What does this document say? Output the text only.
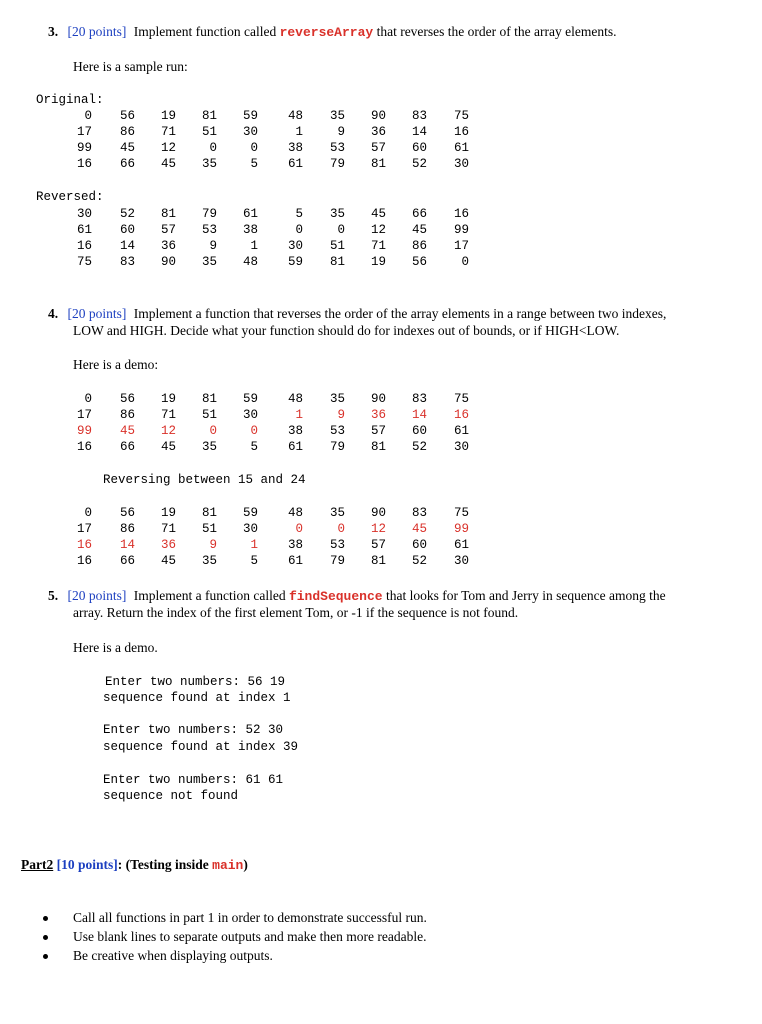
3. [20 points] Implement function called reverseArray that reverses the order of the array elements.
Here is a sample run:
Original:
0	56	19	81	59	48	35	90	83	75
17	86	71	51	30	1	9	36	14	16
99	45	12	0	0	38	53	57	60	61
16	66	45	35	5	61	79	81	52	30
Reversed:
30	52	81	79	61	5	35	45	66	16
61	60	57	53	38	0	0	12	45	99
16	14	36	9	1	30	51	71	86	17
75	83	90	35	48	59	81	19	56	0
4. [20 points] Implement a function that reverses the order of the array elements in a range between two indexes,
LOW and HIGH. Decide what your function should do for indexes out of bounds, or if HIGH<LOW.
Here is a demo:
0	56	19	81	59	48	35	90	83	75
17	86	71	51	30	1	9	36	14	16
99	45	12	0	0	38	53	57	60	61
16	66	45	35	5	61	79	81	52	30
Reversing between 15 and 24
0	56	19	81	59	48	35	90	83	75
17	86	71	51	30	0	0	12	45	99
16	14	36	9	1	38	53	57	60	61
16	66	45	35	5	61	79	81	52	30
5. [20 points] Implement a function called findSequence that looks for Tom and Jerry in sequence among the
array. Return the index of the first element Tom, or -1 if the sequence is not found.
Here is a demo.
Enter two numbers: 56 19
sequence found at index 1
Enter two numbers: 52 30
sequence found at index 39
Enter two numbers: 61 61
sequence not found
Part2 [10 points]: (Testing inside main)
Call all functions in part 1 in order to demonstrate successful run.
Use blank lines to separate outputs and make then more readable.
Be creative when displaying outputs.
